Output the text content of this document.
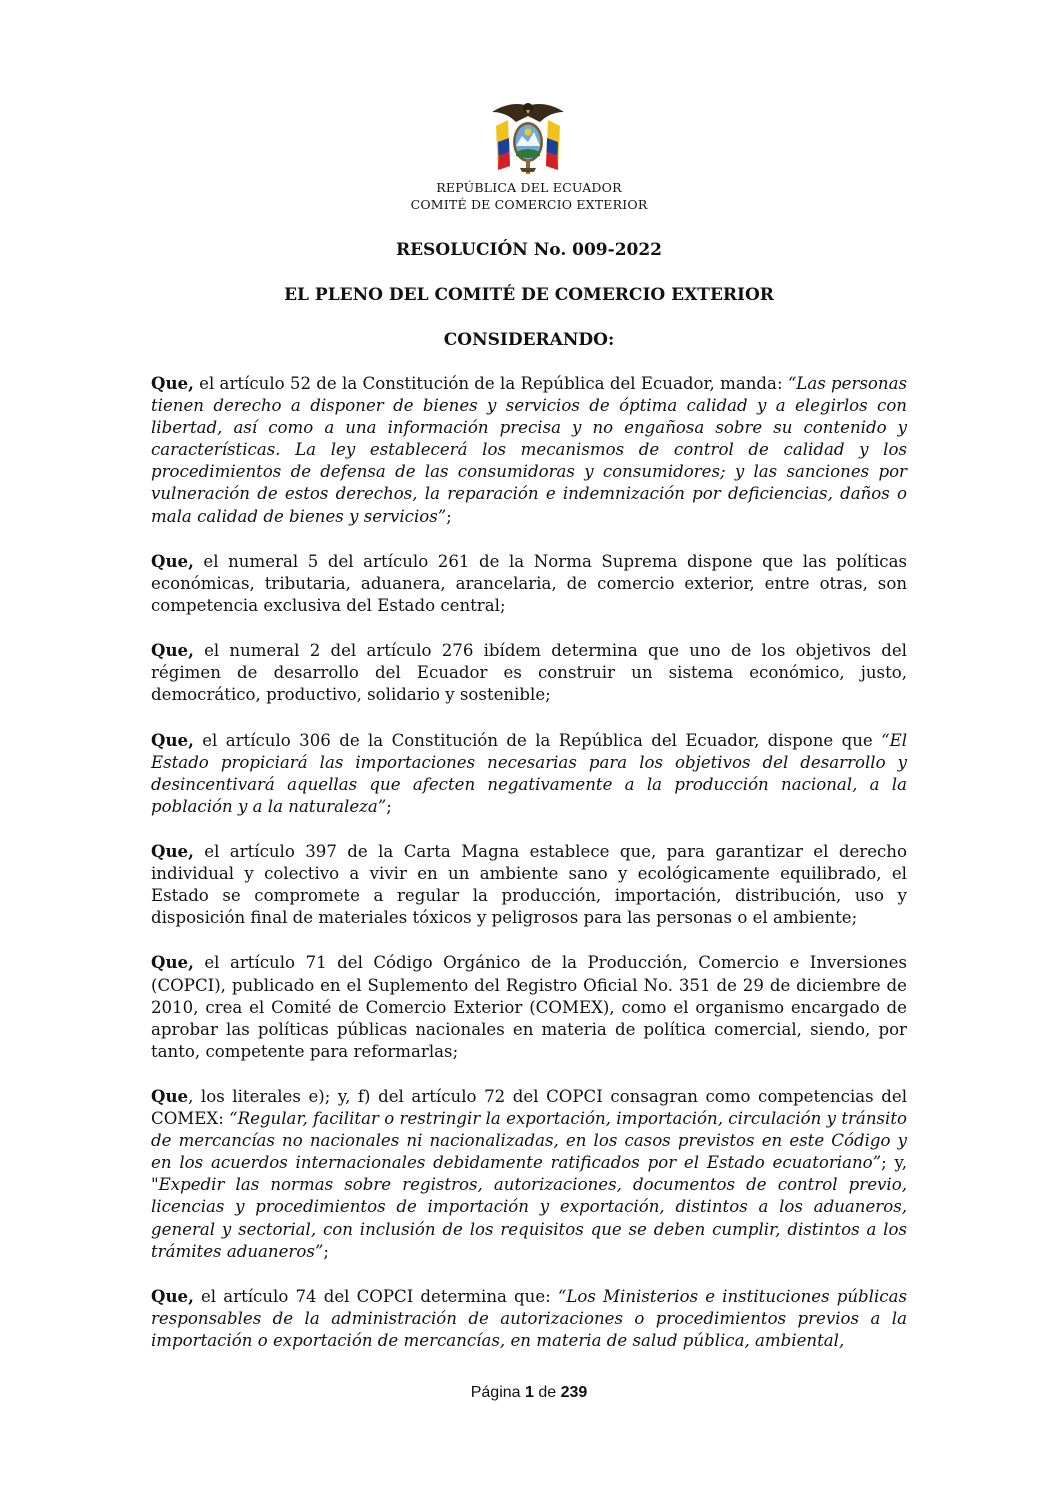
REPÚBLICA DEL ECUADOR
COMITÉ DE COMERCIO EXTERIOR
RESOLUCIÓN No. 009-2022
EL PLENO DEL COMITÉ DE COMERCIO EXTERIOR
CONSIDERANDO:

Que, el artículo 52 de la Constitución de la República del Ecuador, manda: “Las personas tienen derecho a disponer de bienes y servicios de óptima calidad y a elegirlos con libertad, así como a una información precisa y no engañosa sobre su contenido y características. La ley establecerá los mecanismos de control de calidad y los procedimientos de defensa de las consumidoras y consumidores; y las sanciones por vulneración de estos derechos, la reparación e indemnización por deficiencias, daños o mala calidad de bienes y servicios”;

Que, el numeral 5 del artículo 261 de la Norma Suprema dispone que las políticas económicas, tributaria, aduanera, arancelaria, de comercio exterior, entre otras, son competencia exclusiva del Estado central;

Que, el numeral 2 del artículo 276 ibídem determina que uno de los objetivos del régimen de desarrollo del Ecuador es construir un sistema económico, justo, democrático, productivo, solidario y sostenible;

Que, el artículo 306 de la Constitución de la República del Ecuador, dispone que “El Estado propiciará las importaciones necesarias para los objetivos del desarrollo y desincentivará aquellas que afecten negativamente a la producción nacional, a la población y a la naturaleza”;

Que, el artículo 397 de la Carta Magna establece que, para garantizar el derecho individual y colectivo a vivir en un ambiente sano y ecológicamente equilibrado, el Estado se compromete a regular la producción, importación, distribución, uso y disposición final de materiales tóxicos y peligrosos para las personas o el ambiente;

Que, el artículo 71 del Código Orgánico de la Producción, Comercio e Inversiones (COPCI), publicado en el Suplemento del Registro Oficial No. 351 de 29 de diciembre de 2010, crea el Comité de Comercio Exterior (COMEX), como el organismo encargado de aprobar las políticas públicas nacionales en materia de política comercial, siendo, por tanto, competente para reformarlas;

Que, los literales e); y, f) del artículo 72 del COPCI consagran como competencias del COMEX: “Regular, facilitar o restringir la exportación, importación, circulación y tránsito de mercancías no nacionales ni nacionalizadas, en los casos previstos en este Código y en los acuerdos internacionales debidamente ratificados por el Estado ecuatoriano”; y, "Expedir las normas sobre registros, autorizaciones, documentos de control previo, licencias y procedimientos de importación y exportación, distintos a los aduaneros, general y sectorial, con inclusión de los requisitos que se deben cumplir, distintos a los trámites aduaneros”;

Que, el artículo 74 del COPCI determina que: “Los Ministerios e instituciones públicas responsables de la administración de autorizaciones o procedimientos previos a la importación o exportación de mercancías, en materia de salud pública, ambiental,

Página 1 de 239
